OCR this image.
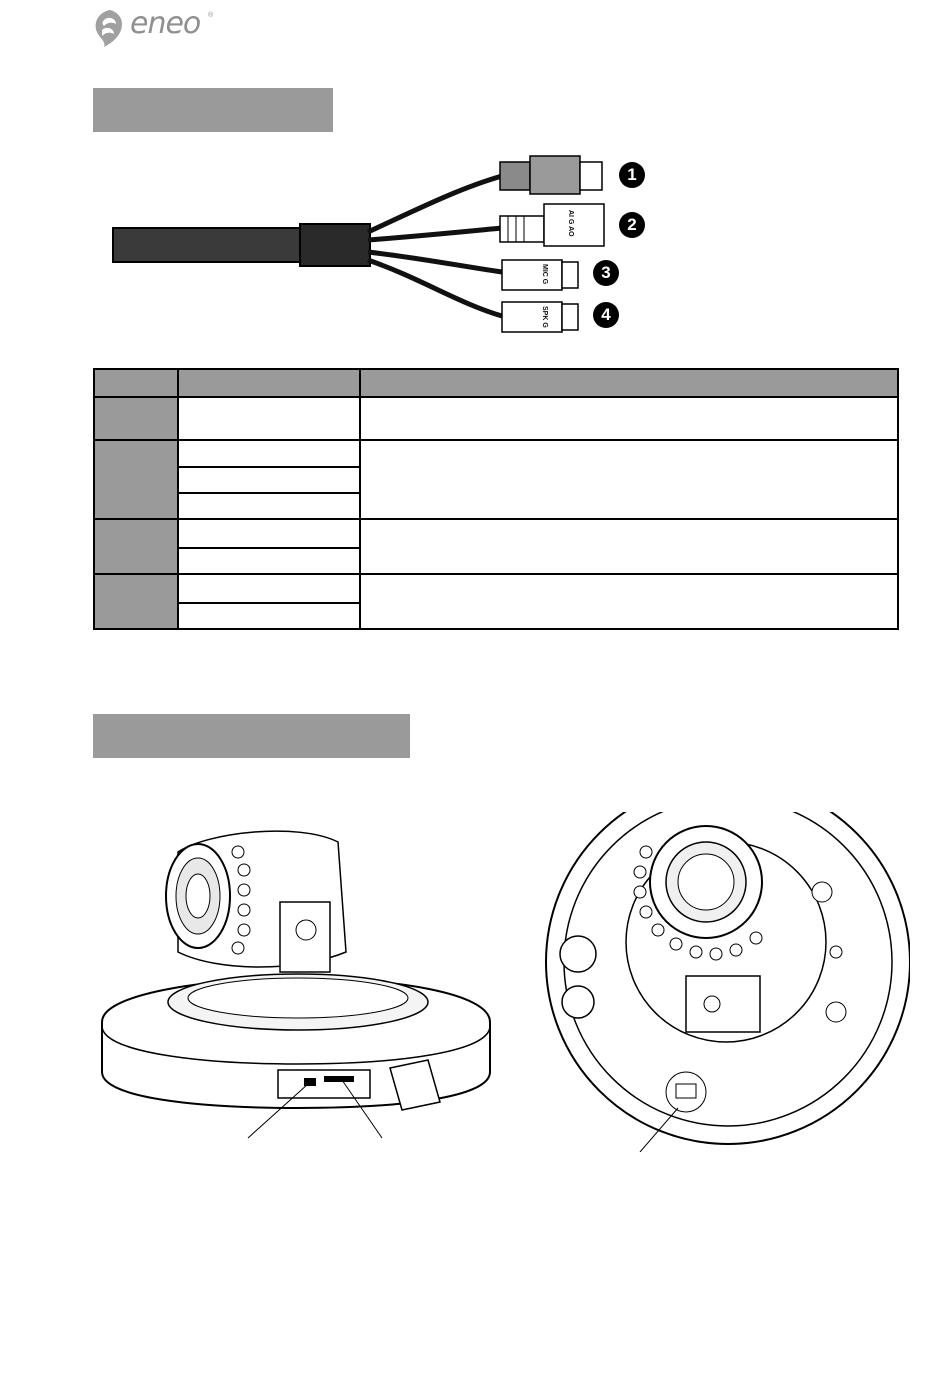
eneo ®
AI G AO
MIC G
SPK G
1
2
3
4
